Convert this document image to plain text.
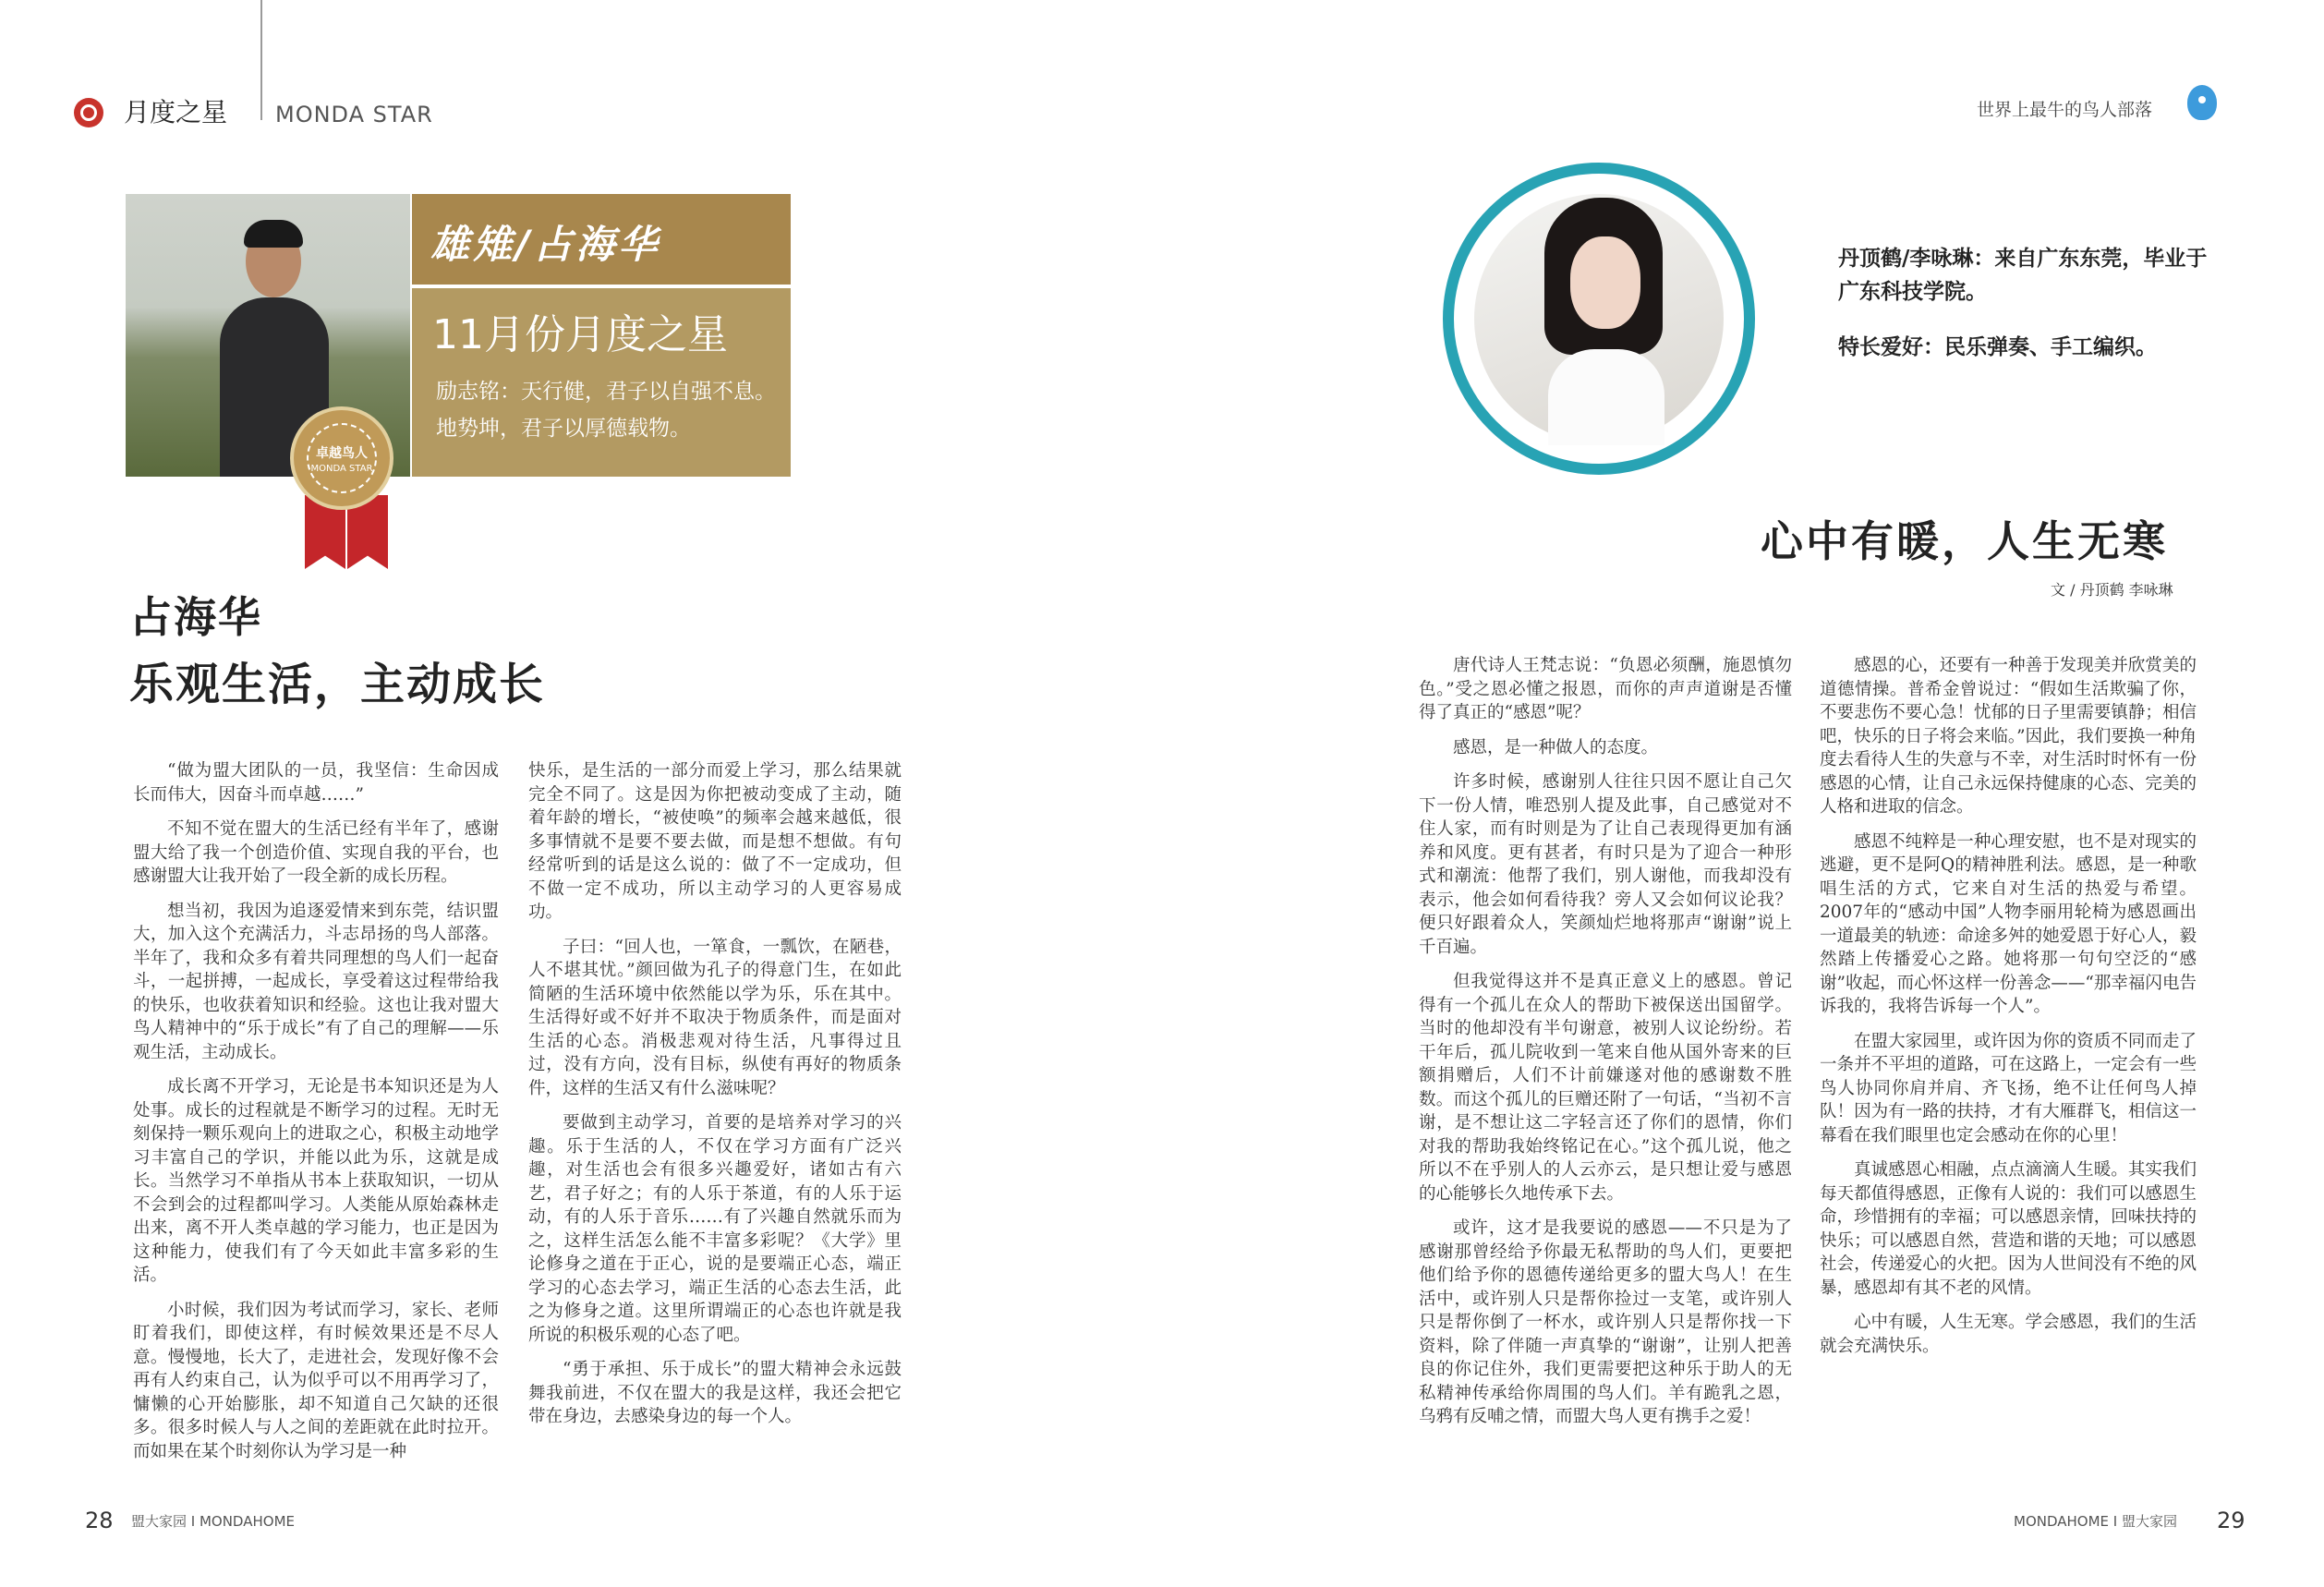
月度之星 MONDA STAR	世界上最牛的鸟人部落
雄雉/占海华
11月份月度之星
励志铭：天行健，君子以自强不息。地势坤，君子以厚德载物。
卓越鸟人
MONDA STAR
占海华
乐观生活，主动成长

“做为盟大团队的一员，我坚信：生命因成长而伟大，因奋斗而卓越……”

不知不觉在盟大的生活已经有半年了，感谢盟大给了我一个创造价值、实现自我的平台，也感谢盟大让我开始了一段全新的成长历程。

想当初，我因为追逐爱情来到东莞，结识盟大，加入这个充满活力，斗志昂扬的鸟人部落。半年了，我和众多有着共同理想的鸟人们一起奋斗，一起拼搏，一起成长，享受着这过程带给我的快乐，也收获着知识和经验。这也让我对盟大鸟人精神中的“乐于成长”有了自己的理解——乐观生活，主动成长。

成长离不开学习，无论是书本知识还是为人处事。成长的过程就是不断学习的过程。无时无刻保持一颗乐观向上的进取之心，积极主动地学习丰富自己的学识，并能以此为乐，这就是成长。当然学习不单指从书本上获取知识，一切从不会到会的过程都叫学习。人类能从原始森林走出来，离不开人类卓越的学习能力，也正是因为这种能力，使我们有了今天如此丰富多彩的生活。

小时候，我们因为考试而学习，家长、老师盯着我们，即使这样，有时候效果还是不尽人意。慢慢地，长大了，走进社会，发现好像不会再有人约束自己，认为似乎可以不用再学习了，慵懒的心开始膨胀，却不知道自己欠缺的还很多。很多时候人与人之间的差距就在此时拉开。而如果在某个时刻你认为学习是一种

快乐，是生活的一部分而爱上学习，那么结果就完全不同了。这是因为你把被动变成了主动，随着年龄的增长，“被使唤”的频率会越来越低，很多事情就不是要不要去做，而是想不想做。有句经常听到的话是这么说的：做了不一定成功，但不做一定不成功，所以主动学习的人更容易成功。

子曰：“回人也，一箪食，一瓢饮，在陋巷，人不堪其忧。”颜回做为孔子的得意门生，在如此简陋的生活环境中依然能以学为乐，乐在其中。生活得好或不好并不取决于物质条件，而是面对生活的心态。消极悲观对待生活，凡事得过且过，没有方向，没有目标，纵使有再好的物质条件，这样的生活又有什么滋味呢？

要做到主动学习，首要的是培养对学习的兴趣。乐于生活的人，不仅在学习方面有广泛兴趣，对生活也会有很多兴趣爱好，诸如古有六艺，君子好之；有的人乐于茶道，有的人乐于运动，有的人乐于音乐……有了兴趣自然就乐而为之，这样生活怎么能不丰富多彩呢？《大学》里论修身之道在于正心，说的是要端正心态，端正学习的心态去学习，端正生活的心态去生活，此之为修身之道。这里所谓端正的心态也许就是我所说的积极乐观的心态了吧。

“勇于承担、乐于成长”的盟大精神会永远鼓舞我前进，不仅在盟大的我是这样，我还会把它带在身边，去感染身边的每一个人。

丹顶鹤/李咏琳：来自广东东莞，毕业于广东科技学院。
特长爱好：民乐弹奏、手工编织。
心中有暖，人生无寒
文 / 丹顶鹤 李咏琳

唐代诗人王梵志说：“负恩必须酬，施恩慎勿色。”受之恩必懂之报恩，而你的声声道谢是否懂得了真正的“感恩”呢？

感恩，是一种做人的态度。

许多时候，感谢别人往往只因不愿让自己欠下一份人情，唯恐别人提及此事，自己感觉对不住人家，而有时则是为了让自己表现得更加有涵养和风度。更有甚者，有时只是为了迎合一种形式和潮流：他帮了我们，别人谢他，而我却没有表示，他会如何看待我？旁人又会如何议论我？便只好跟着众人，笑颜灿烂地将那声“谢谢”说上千百遍。

但我觉得这并不是真正意义上的感恩。曾记得有一个孤儿在众人的帮助下被保送出国留学。当时的他却没有半句谢意，被别人议论纷纷。若干年后，孤儿院收到一笔来自他从国外寄来的巨额捐赠后，人们不计前嫌遂对他的感谢数不胜数。而这个孤儿的巨赠还附了一句话，“当初不言谢，是不想让这二字轻言还了你们的恩情，你们对我的帮助我始终铭记在心。”这个孤儿说，他之所以不在乎别人的人云亦云，是只想让爱与感恩的心能够长久地传承下去。

或许，这才是我要说的感恩——不只是为了感谢那曾经给予你最无私帮助的鸟人们，更要把他们给予你的恩德传递给更多的盟大鸟人！在生活中，或许别人只是帮你捡过一支笔，或许别人只是帮你倒了一杯水，或许别人只是帮你找一下资料，除了伴随一声真挚的“谢谢”，让别人把善良的你记住外，我们更需要把这种乐于助人的无私精神传承给你周围的鸟人们。羊有跪乳之恩，乌鸦有反哺之情，而盟大鸟人更有携手之爱！

感恩的心，还要有一种善于发现美并欣赏美的道德情操。普希金曾说过：“假如生活欺骗了你，不要悲伤不要心急！忧郁的日子里需要镇静；相信吧，快乐的日子将会来临。”因此，我们要换一种角度去看待人生的失意与不幸，对生活时时怀有一份感恩的心情，让自己永远保持健康的心态、完美的人格和进取的信念。

感恩不纯粹是一种心理安慰，也不是对现实的逃避，更不是阿Q的精神胜利法。感恩，是一种歌唱生活的方式，它来自对生活的热爱与希望。2007年的“感动中国”人物李丽用轮椅为感恩画出一道最美的轨迹：命途多舛的她爱恩于好心人，毅然踏上传播爱心之路。她将那一句句空泛的“感谢”收起，而心怀这样一份善念——“那幸福闪电告诉我的，我将告诉每一个人”。

在盟大家园里，或许因为你的资质不同而走了一条并不平坦的道路，可在这路上，一定会有一些鸟人协同你肩并肩、齐飞扬，绝不让任何鸟人掉队！因为有一路的扶持，才有大雁群飞，相信这一幕看在我们眼里也定会感动在你的心里！

真诚感恩心相融，点点滴滴人生暖。其实我们每天都值得感恩，正像有人说的：我们可以感恩生命，珍惜拥有的幸福；可以感恩亲情，回味扶持的快乐；可以感恩自然，营造和谐的天地；可以感恩社会，传递爱心的火把。因为人世间没有不绝的风暴，感恩却有其不老的风情。

心中有暖，人生无寒。学会感恩，我们的生活就会充满快乐。

28 盟大家园 I MONDAHOME	MONDAHOME I 盟大家园 29
